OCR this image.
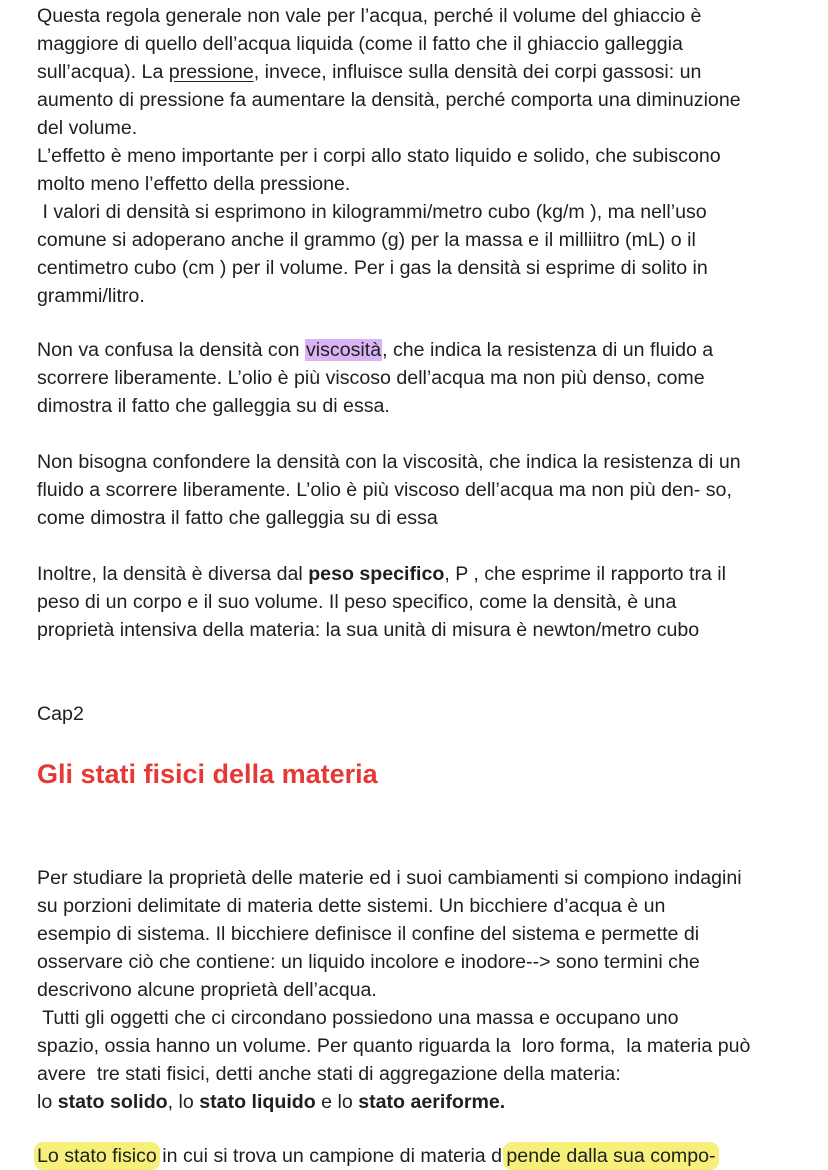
Questa regola generale non vale per l’acqua, perché il volume del ghiaccio è
maggiore di quello dell’acqua liquida (come il fatto che il ghiaccio galleggia
sull’acqua). La pressione, invece, influisce sulla densità dei corpi gassosi: un
aumento di pressione fa aumentare la densità, perché comporta una diminuzione
del volume.
L’effetto è meno importante per i corpi allo stato liquido e solido, che subiscono
molto meno l’effetto della pressione.
I valori di densità si esprimono in kilogrammi/metro cubo (kg/m ), ma nell’uso
comune si adoperano anche il grammo (g) per la massa e il milliitro (mL) o il
centimetro cubo (cm ) per il volume. Per i gas la densità si esprime di solito in
grammi/litro.
Non va confusa la densità con viscosità, che indica la resistenza di un fluido a
scorrere liberamente. L’olio è più viscoso dell’acqua ma non più denso, come
dimostra il fatto che galleggia su di essa.
Non bisogna confondere la densità con la viscosità, che indica la resistenza di un
fluido a scorrere liberamente. L’olio è più viscoso dell’acqua ma non più den- so,
come dimostra il fatto che galleggia su di essa
Inoltre, la densità è diversa dal peso specifico, P , che esprime il rapporto tra il
peso di un corpo e il suo volume. Il peso specifico, come la densità, è una
proprietà intensiva della materia: la sua unità di misura è newton/metro cubo
Cap2
Gli stati fisici della materia
Per studiare la proprietà delle materie ed i suoi cambiamenti si compiono indagini
su porzioni delimitate di materia dette sistemi. Un bicchiere d’acqua è un
esempio di sistema. Il bicchiere definisce il confine del sistema e permette di
osservare ciò che contiene: un liquido incolore e inodore--> sono termini che
descrivono alcune proprietà dell’acqua.
Tutti gli oggetti che ci circondano possiedono una massa e occupano uno
spazio, ossia hanno un volume. Per quanto riguarda la  loro forma,  la materia può
avere  tre stati fisici, detti anche stati di aggregazione della materia:
lo stato solido, lo stato liquido e lo stato aeriforme.
Lo stato fisico in cui si trova un campione di materia dipende dalla sua compo-
